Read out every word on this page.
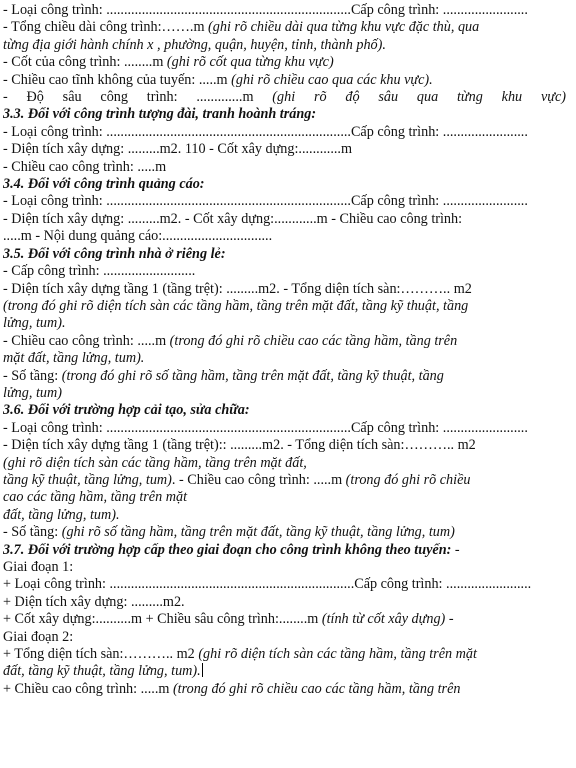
- Loại công trình: .....................................................................Cấp công trình: ........................
- Tổng chiều dài công trình:…….m (ghi rõ chiều dài qua từng khu vực đặc thù, qua
từng địa giới hành chính x , phường, quận, huyện, tỉnh, thành phố).
- Cốt của công trình: ........m (ghi rõ cốt qua từng khu vực)
- Chiều cao tĩnh không của tuyến: .....m (ghi rõ chiều cao qua các khu vực).
- Độ sâu công trình: .............m (ghi rõ độ sâu qua từng khu vực)
3.3. Đối với công trình tượng đài, tranh hoành tráng:
- Loại công trình: .....................................................................Cấp công trình: ........................
- Diện tích xây dựng: .........m2. 110 - Cốt xây dựng:............m
- Chiều cao công trình: .....m
3.4. Đối với công trình quảng cáo:
- Loại công trình: .....................................................................Cấp công trình: ........................
- Diện tích xây dựng: .........m2. - Cốt xây dựng:............m - Chiều cao công trình:
.....m - Nội dung quảng cáo:...............................
3.5. Đối với công trình nhà ở riêng lẻ:
- Cấp công trình: ..........................
- Diện tích xây dựng tầng 1 (tầng trệt): .........m2. - Tổng diện tích sàn:……….. m2
(trong đó ghi rõ diện tích sàn các tầng hầm, tầng trên mặt đất, tầng kỹ thuật, tầng
lửng, tum).
- Chiều cao công trình: .....m (trong đó ghi rõ chiều cao các tầng hầm, tầng trên
mặt đất, tầng lửng, tum).
- Số tầng: (trong đó ghi rõ số tầng hầm, tầng trên mặt đất, tầng kỹ thuật, tầng
lửng, tum)
3.6. Đối với trường hợp cải tạo, sửa chữa:
- Loại công trình: .....................................................................Cấp công trình: ........................
- Diện tích xây dựng tầng 1 (tầng trệt):: .........m2. - Tổng diện tích sàn:……….. m2
(ghi rõ diện tích sàn các tầng hầm, tầng trên mặt đất,
tầng kỹ thuật, tầng lửng, tum). - Chiều cao công trình: .....m (trong đó ghi rõ chiều
cao các tầng hầm, tầng trên mặt
đất, tầng lửng, tum).
- Số tầng: (ghi rõ số tầng hầm, tầng trên mặt đất, tầng kỹ thuật, tầng lửng, tum)
3.7. Đối với trường hợp cấp theo giai đoạn cho công trình không theo tuyến: -
Giai đoạn 1:
+ Loại công trình: .....................................................................Cấp công trình: ........................
+ Diện tích xây dựng: .........m2.
+ Cốt xây dựng:..........m + Chiều sâu công trình:........m (tính từ cốt xây dựng) -
Giai đoạn 2:
+ Tổng diện tích sàn:……….. m2 (ghi rõ diện tích sàn các tầng hầm, tầng trên mặt
đất, tầng kỹ thuật, tầng lửng, tum).
+ Chiều cao công trình: .....m (trong đó ghi rõ chiều cao các tầng hầm, tầng trên
